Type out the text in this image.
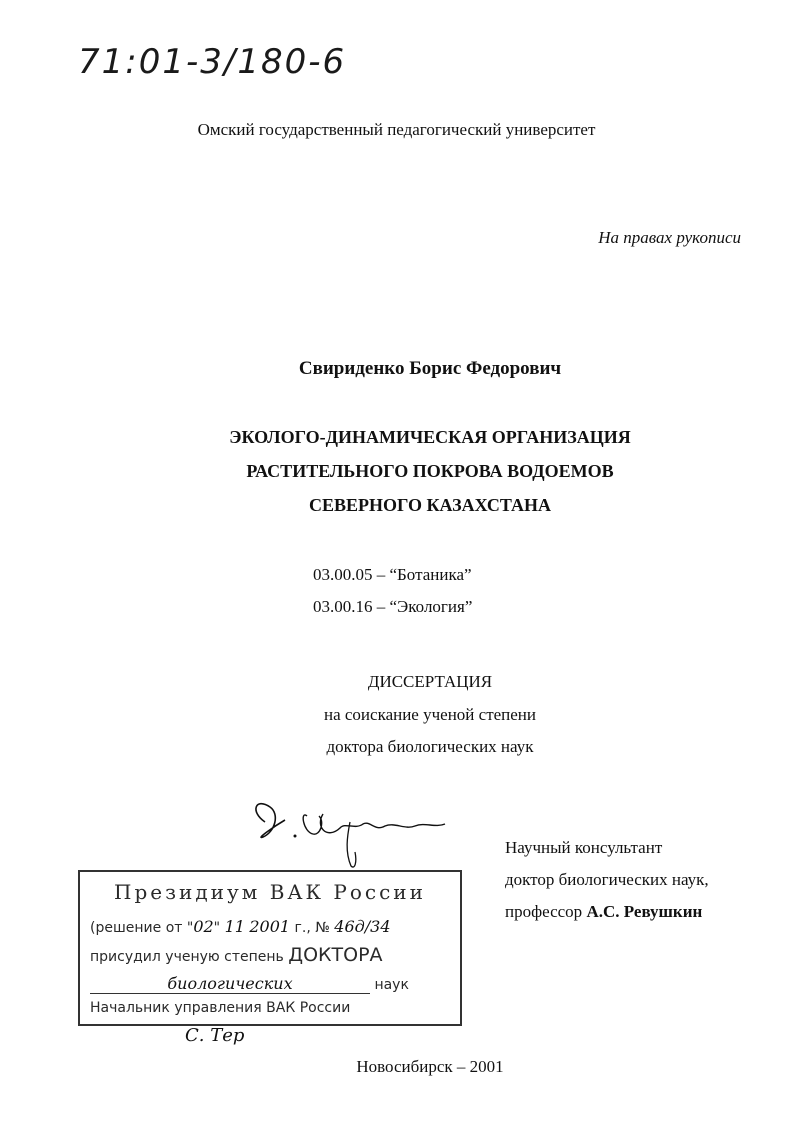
71:01-3/180-6
Омский государственный педагогический университет
На правах рукописи
Свириденко Борис Федорович
ЭКОЛОГО-ДИНАМИЧЕСКАЯ ОРГАНИЗАЦИЯ
РАСТИТЕЛЬНОГО ПОКРОВА ВОДОЕМОВ
СЕВЕРНОГО КАЗАХСТАНА
03.00.05 – “Ботаника”
03.00.16 – “Экология”
ДИССЕРТАЦИЯ
на соискание ученой степени
доктора биологических наук
Научный консультант
доктор биологических наук,
профессор А.С. Ревушкин
Президиум ВАК России
(решение от "02" 11 2001 г., № 46д/34
присудил ученую степень ДОКТОРА
биологических	наук
Начальник управления ВАК России
С. Тер
Новосибирск – 2001
